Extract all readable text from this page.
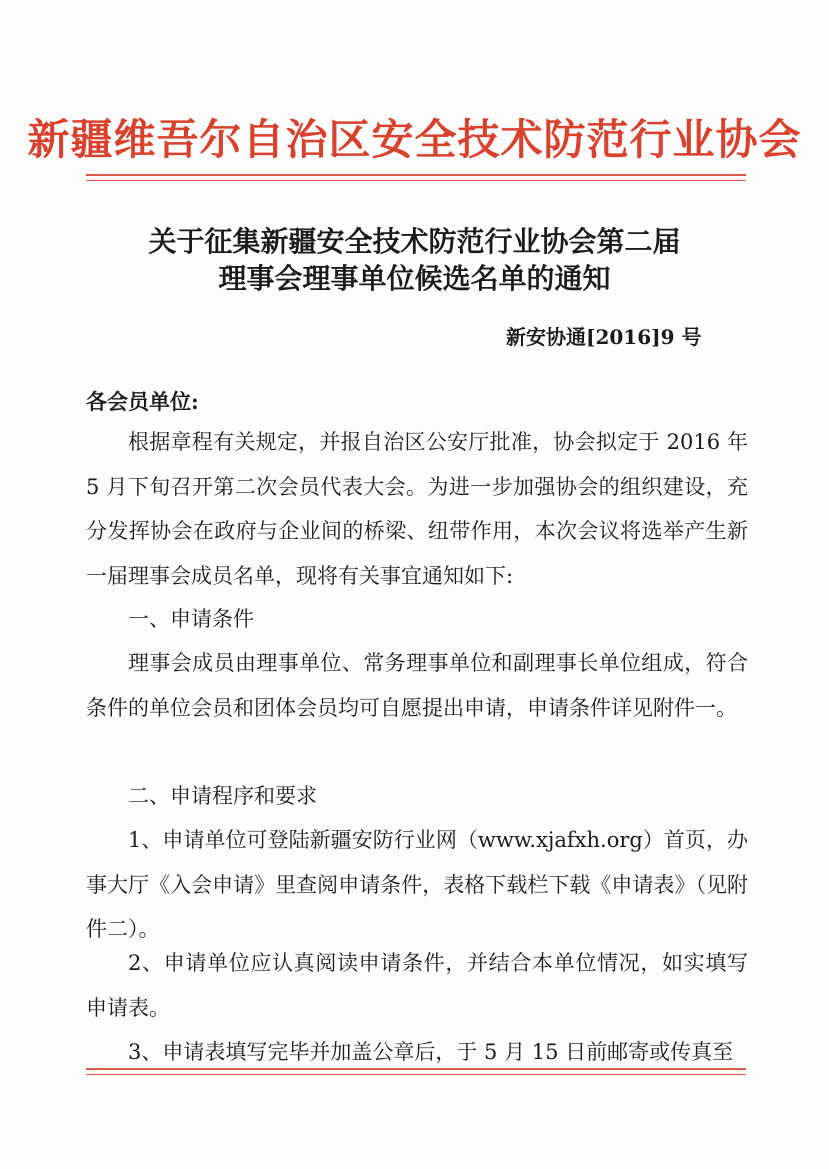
新疆维吾尔自治区安全技术防范行业协会
关于征集新疆安全技术防范行业协会第二届
理事会理事单位候选名单的通知
新安协通[2016]9 号
各会员单位:
根据章程有关规定，并报自治区公安厅批准，协会拟定于 2016 年 5 月下旬召开第二次会员代表大会。为进一步加强协会的组织建设，充分发挥协会在政府与企业间的桥梁、纽带作用，本次会议将选举产生新一届理事会成员名单，现将有关事宜通知如下:
一、申请条件
理事会成员由理事单位、常务理事单位和副理事长单位组成，符合条件的单位会员和团体会员均可自愿提出申请，申请条件详见附件一。
二、申请程序和要求
1、申请单位可登陆新疆安防行业网（www.xjafxh.org）首页，办事大厅《入会申请》里查阅申请条件，表格下载栏下载《申请表》（见附件二）。
2、申请单位应认真阅读申请条件，并结合本单位情况，如实填写申请表。
3、申请表填写完毕并加盖公章后，于 5 月 15 日前邮寄或传真至
